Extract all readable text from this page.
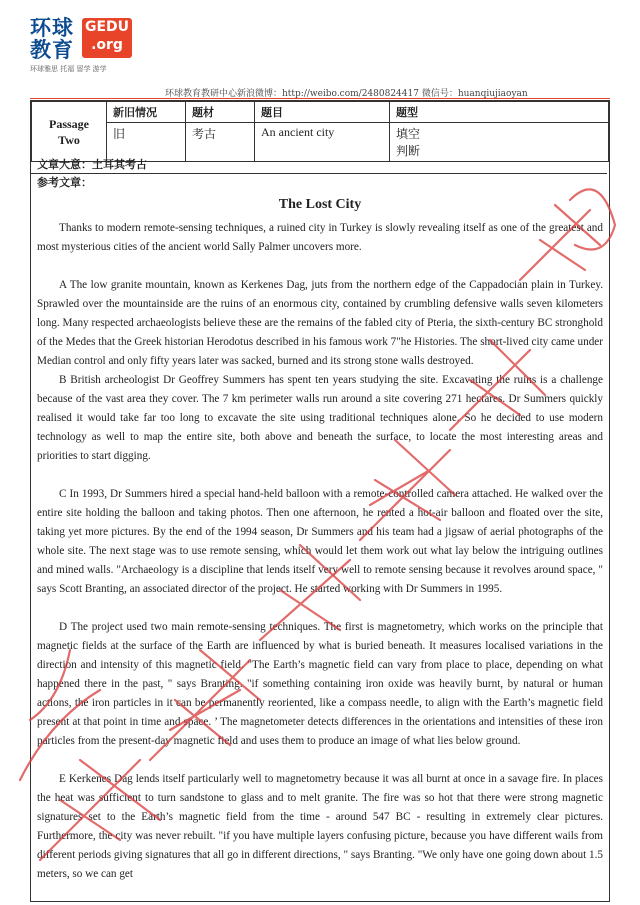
环球
教育
GEDU
.org
环球雅思 托福 留学 游学
环球教育教研中心新浪微博：http://weibo.com/2480824417 微信号：huanqiujiaoyan
Passage Two	新旧情况	题材	题目	题型
	旧	考古	An ancient city	填空
判断
文章大意：土耳其考古
参考文章：
The Lost City

Thanks to modern remote-sensing techniques, a ruined city in Turkey is slowly revealing itself as one of the greatest and most mysterious cities of the ancient world Sally Palmer uncovers more.

A The low granite mountain, known as Kerkenes Dag, juts from the northern edge of the Cappadocian plain in Turkey. Sprawled over the mountainside are the ruins of an enormous city, contained by crumbling defensive walls seven kilometers long. Many respected archaeologists believe these are the remains of the fabled city of Pteria, the sixth-century BC stronghold of the Medes that the Greek historian Herodotus described in his famous work 7"he Histories. The short-lived city came under Median control and only fifty years later was sacked, burned and its strong stone walls destroyed.

B British archeologist Dr Geoffrey Summers has spent ten years studying the site. Excavating the ruins is a challenge because of the vast area they cover. The 7 km perimeter walls run around a site covering 271 hectares. Dr Summers quickly realised it would take far too long to excavate the site using traditional techniques alone. So he decided to use modern technology as well to map the entire site, both above and beneath the surface, to locate the most interesting areas and priorities to start digging.

C In 1993, Dr Summers hired a special hand-held balloon with a remote-controlled camera attached. He walked over the entire site holding the balloon and taking photos. Then one afternoon, he rented a hot-air balloon and floated over the site, taking yet more pictures. By the end of the 1994 season, Dr Summers and his team had a jigsaw of aerial photographs of the whole site. The next stage was to use remote sensing, which would let them work out what lay below the intriguing outlines and mined walls. "Archaeology is a discipline that lends itself very well to remote sensing because it revolves around space, " says Scott Branting, an associated director of the project. He started working with Dr Summers in 1995.

D The project used two main remote-sensing techniques. The first is magnetometry, which works on the principle that magnetic fields at the surface of the Earth are influenced by what is buried beneath. It measures localised variations in the direction and intensity of this magnetic field. "The Earth’s magnetic field can vary from place to place, depending on what happened there in the past, " says Branting. "if something containing iron oxide was heavily burnt, by natural or human actions, the iron particles in it can be permanently reoriented, like a compass needle, to align with the Earth’s magnetic field present at that point in time and space. ’ The magnetometer detects differences in the orientations and intensities of these iron particles from the present-day magnetic field and uses them to produce an image of what lies below ground.

E Kerkenes Dag lends itself particularly well to magnetometry because it was all burnt at once in a savage fire. In places the heat was sufficient to turn sandstone to glass and to melt granite. The fire was so hot that there were strong magnetic signatures set to the Earth’s magnetic field from the time - around 547 BC - resulting in extremely clear pictures. Furthermore, the city was never rebuilt. "if you have multiple layers confusing picture, because you have different wails from different periods giving signatures that all go in different directions, " says Branting. "We only have one going down about 1.5 meters, so we can get
